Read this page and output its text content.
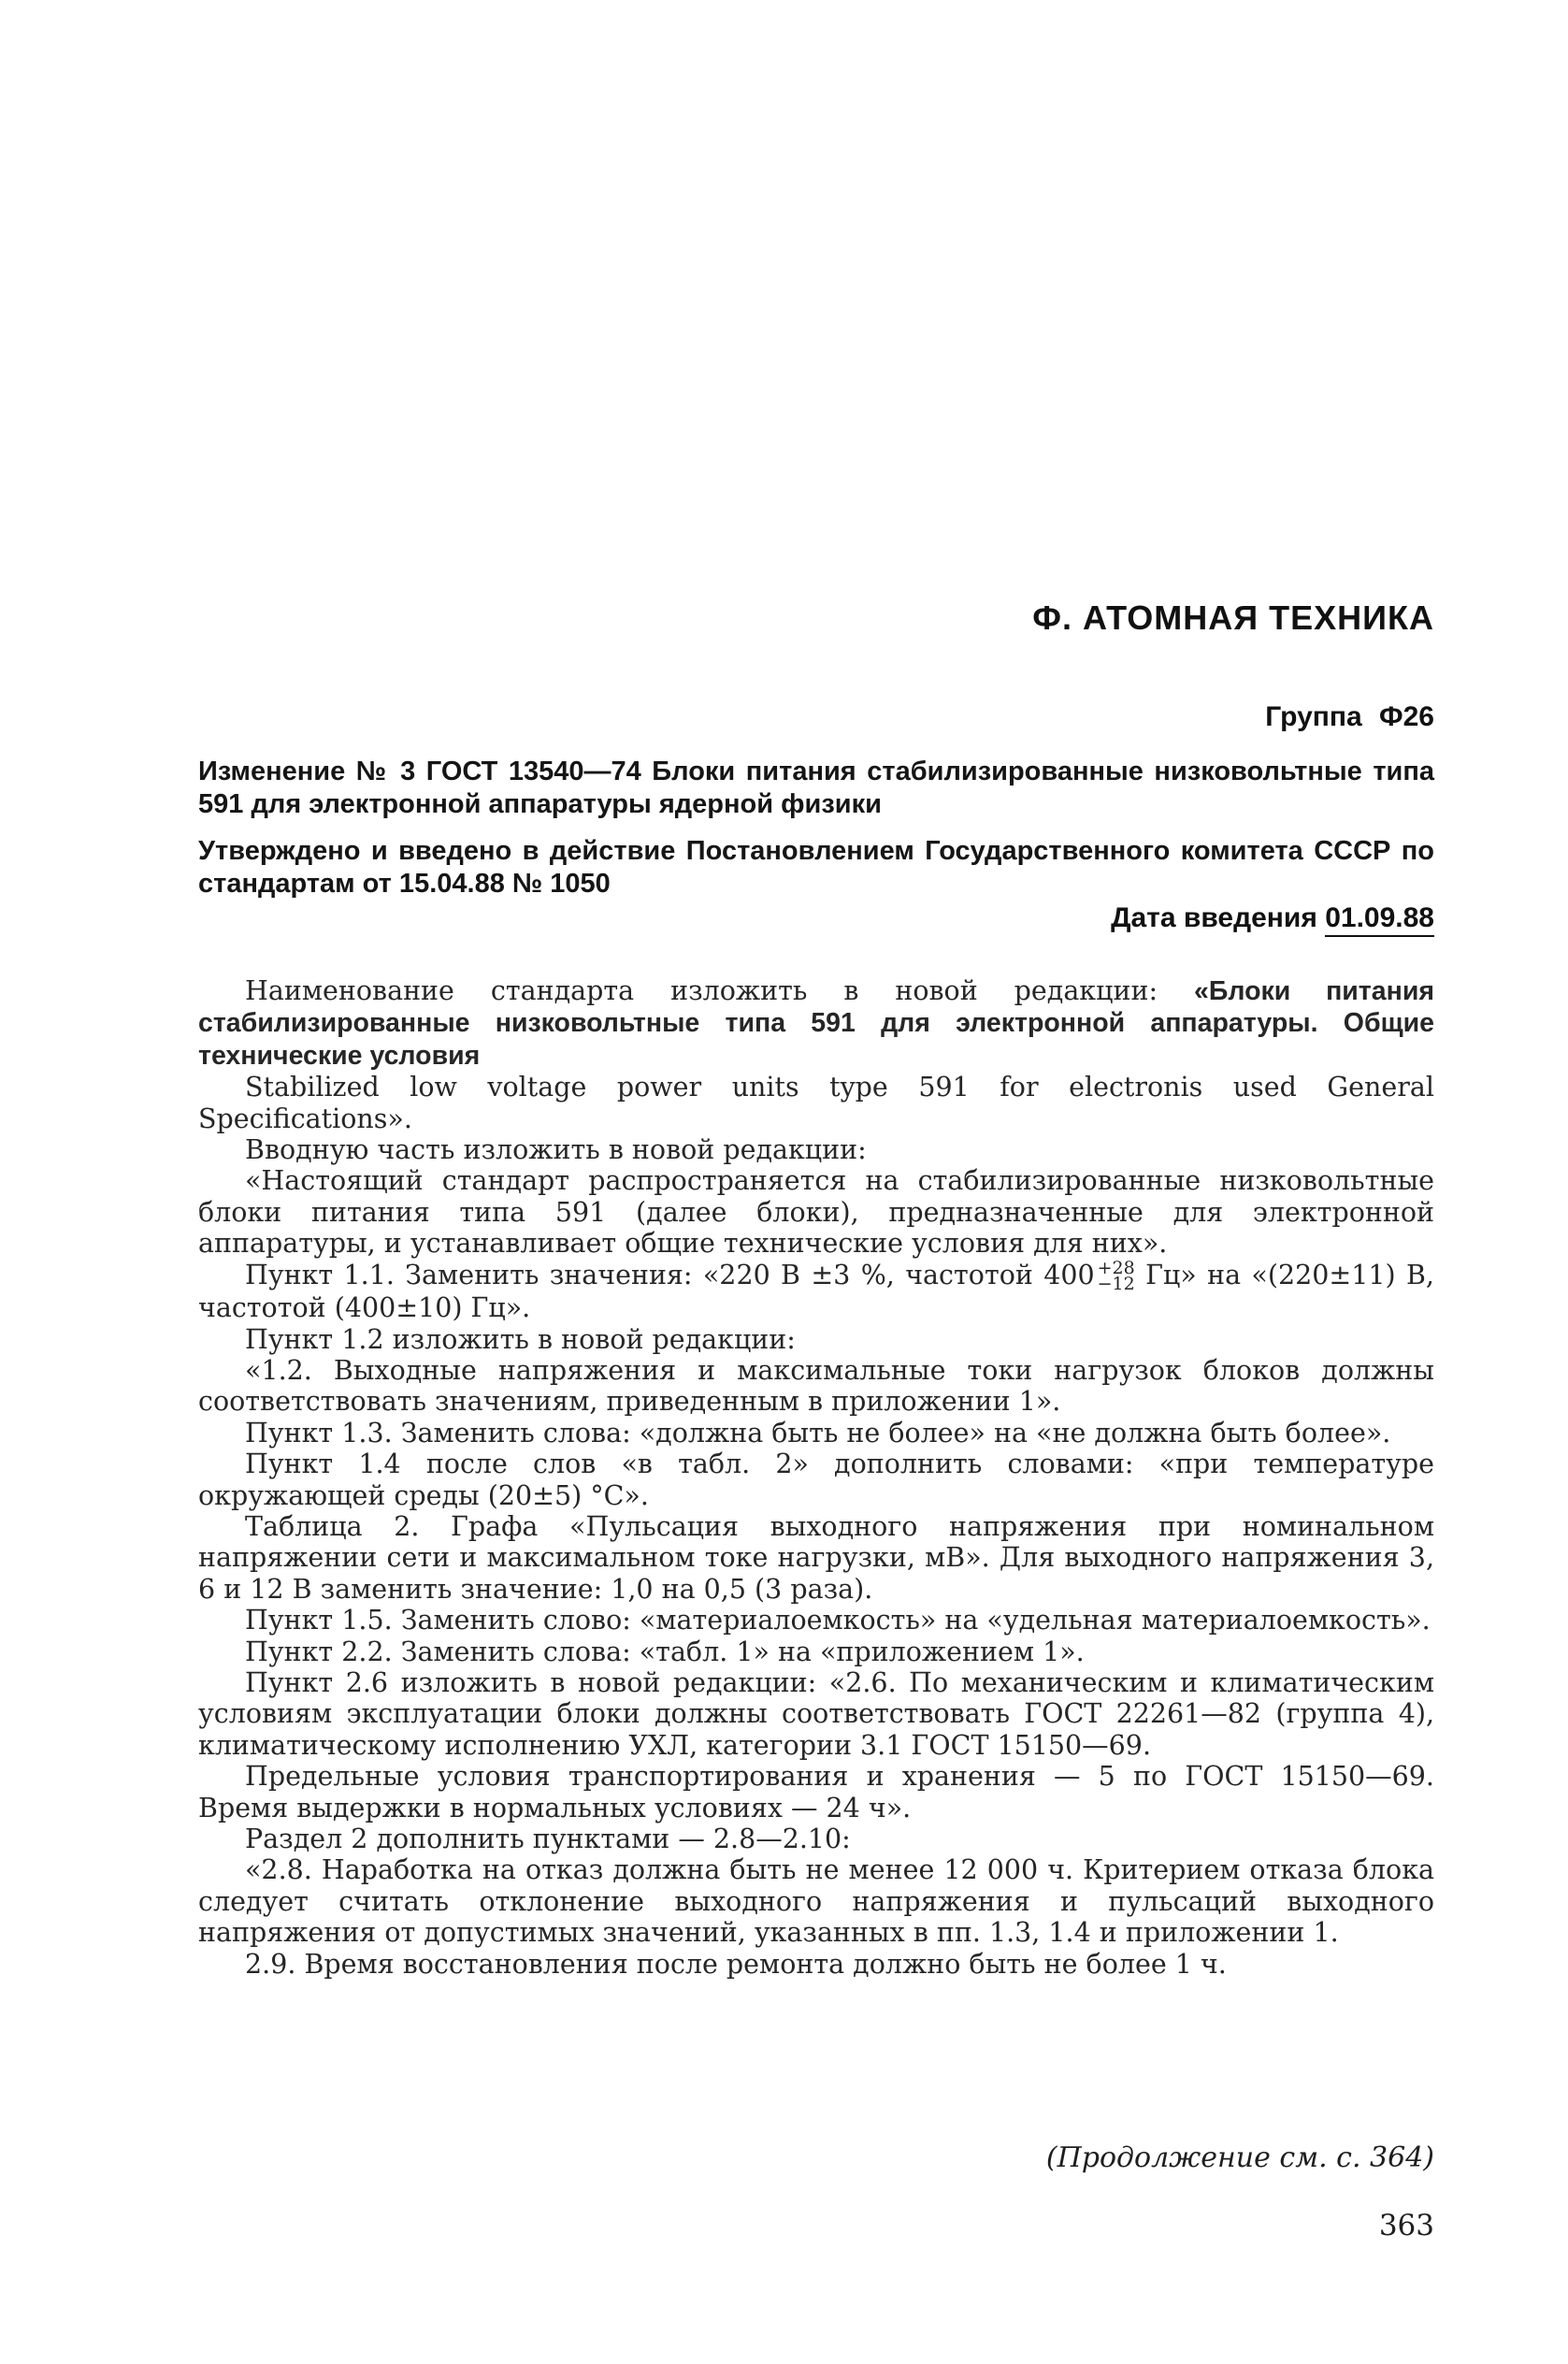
Ф. АТОМНАЯ ТЕХНИКА
Группа Ф26
Изменение № 3 ГОСТ 13540—74 Блоки питания стабилизированные низковольтные типа 591 для электронной аппаратуры ядерной физики
Утверждено и введено в действие Постановлением Государственного комитета СССР по стандартам от 15.04.88 № 1050
Дата введения 01.09.88

Наименование стандарта изложить в новой редакции: «Блоки питания стабилизированные низковольтные типа 591 для электронной аппаратуры. Общие технические условия

Stabilized low voltage power units type 591 for electronis used General Specifications».

Вводную часть изложить в новой редакции:

«Настоящий стандарт распространяется на стабилизированные низковольтные блоки питания типа 591 (далее блоки), предназначенные для электронной аппаратуры, и устанавливает общие технические условия для них».

Пункт 1.1. Заменить значения: «220 В ±3 %, частотой 400 +28
−12 Гц» на «(220±11) В, частотой (400±10) Гц».

Пункт 1.2 изложить в новой редакции:

«1.2. Выходные напряжения и максимальные токи нагрузок блоков должны соответствовать значениям, приведенным в приложении 1».

Пункт 1.3. Заменить слова: «должна быть не более» на «не должна быть более».

Пункт 1.4 после слов «в табл. 2» дополнить словами: «при температуре окружающей среды (20±5) °С».

Таблица 2. Графа «Пульсация выходного напряжения при номинальном напряжении сети и максимальном токе нагрузки, мВ». Для выходного напряжения 3, 6 и 12 В заменить значение: 1,0 на 0,5 (3 раза).

Пункт 1.5. Заменить слово: «материалоемкость» на «удельная материалоемкость».

Пункт 2.2. Заменить слова: «табл. 1» на «приложением 1».

Пункт 2.6 изложить в новой редакции: «2.6. По механическим и климатическим условиям эксплуатации блоки должны соответствовать ГОСТ 22261—82 (группа 4), климатическому исполнению УХЛ, категории 3.1 ГОСТ 15150—69.

Предельные условия транспортирования и хранения — 5 по ГОСТ 15150—69. Время выдержки в нормальных условиях — 24 ч».

Раздел 2 дополнить пунктами — 2.8—2.10:

«2.8. Наработка на отказ должна быть не менее 12 000 ч. Критерием отказа блока следует считать отклонение выходного напряжения и пульсаций выходного напряжения от допустимых значений, указанных в пп. 1.3, 1.4 и приложении 1.

2.9. Время восстановления после ремонта должно быть не более 1 ч.

(Продолжение см. с. 364)
363
